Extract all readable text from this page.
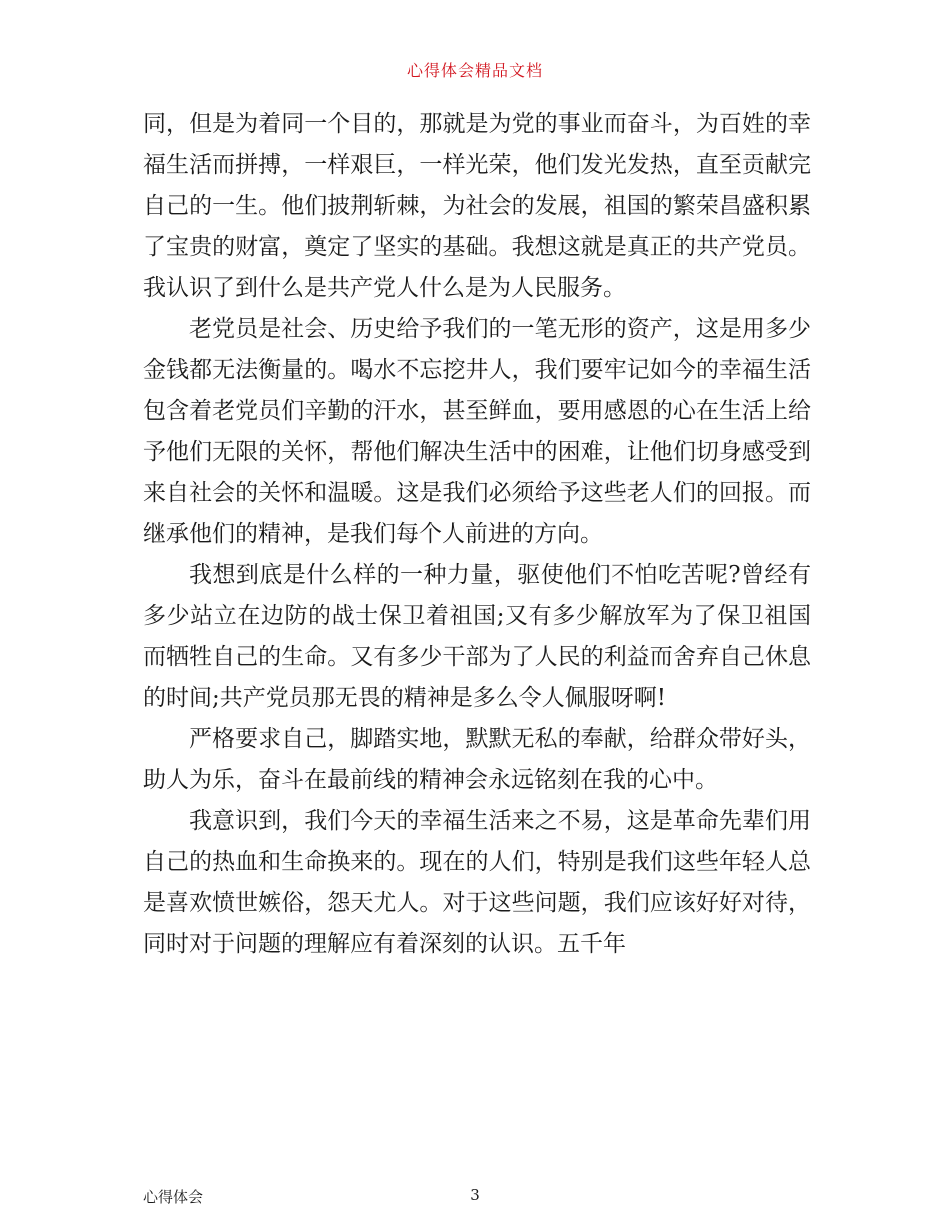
心得体会精品文档

同，但是为着同一个目的，那就是为党的事业而奋斗，为百姓的幸福生活而拼搏，一样艰巨，一样光荣，他们发光发热，直至贡献完自己的一生。他们披荆斩棘，为社会的发展，祖国的繁荣昌盛积累了宝贵的财富，奠定了坚实的基础。我想这就是真正的共产党员。我认识了到什么是共产党人什么是为人民服务。

老党员是社会、历史给予我们的一笔无形的资产，这是用多少金钱都无法衡量的。喝水不忘挖井人，我们要牢记如今的幸福生活包含着老党员们辛勤的汗水，甚至鲜血，要用感恩的心在生活上给予他们无限的关怀，帮他们解决生活中的困难，让他们切身感受到来自社会的关怀和温暖。这是我们必须给予这些老人们的回报。而继承他们的精神，是我们每个人前进的方向。

我想到底是什么样的一种力量，驱使他们不怕吃苦呢?曾经有多少站立在边防的战士保卫着祖国;又有多少解放军为了保卫祖国而牺牲自己的生命。又有多少干部为了人民的利益而舍弃自己休息的时间;共产党员那无畏的精神是多么令人佩服呀啊!

严格要求自己，脚踏实地，默默无私的奉献，给群众带好头，助人为乐，奋斗在最前线的精神会永远铭刻在我的心中。

我意识到，我们今天的幸福生活来之不易，这是革命先辈们用自己的热血和生命换来的。现在的人们，特别是我们这些年轻人总是喜欢愤世嫉俗，怨天尤人。对于这些问题，我们应该好好对待，同时对于问题的理解应有着深刻的认识。五千年

心得体会	3
